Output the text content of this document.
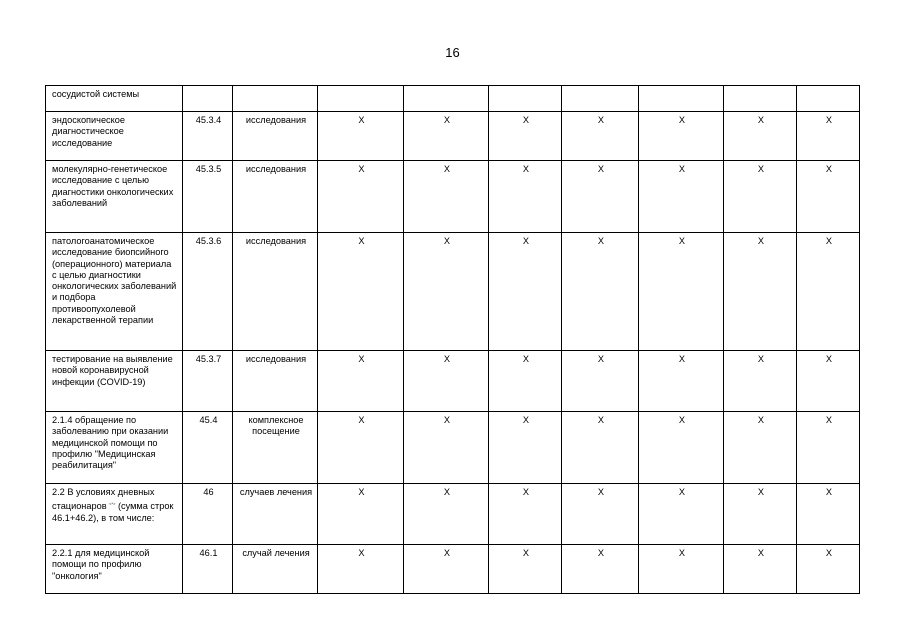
16
сосудистой системы									
эндоскопическое диагностическое исследование	45.3.4	исследования	X	X	X	X	X	X	X
молекулярно-генетическое исследование с целью диагностики онкологических заболеваний	45.3.5	исследования	X	X	X	X	X	X	X
патологоанатомическое исследование биопсийного (операционного) материала с целью диагностики онкологических заболеваний и подбора противоопухолевой лекарственной терапии	45.3.6	исследования	X	X	X	X	X	X	X
тестирование на выявление новой коронавирусной инфекции (COVID-19)	45.3.7	исследования	X	X	X	X	X	X	X
2.1.4 обращение по заболеванию при оказании медицинской помощи по профилю "Медицинская реабилитация"	45.4	комплексное посещение	X	X	X	X	X	X	X
2.2 В условиях дневных стационаров <*> (сумма строк 46.1+46.2), в том числе:	46	случаев лечения	X	X	X	X	X	X	X
2.2.1 для медицинской помощи по профилю "онкология"	46.1	случай лечения	X	X	X	X	X	X	X
